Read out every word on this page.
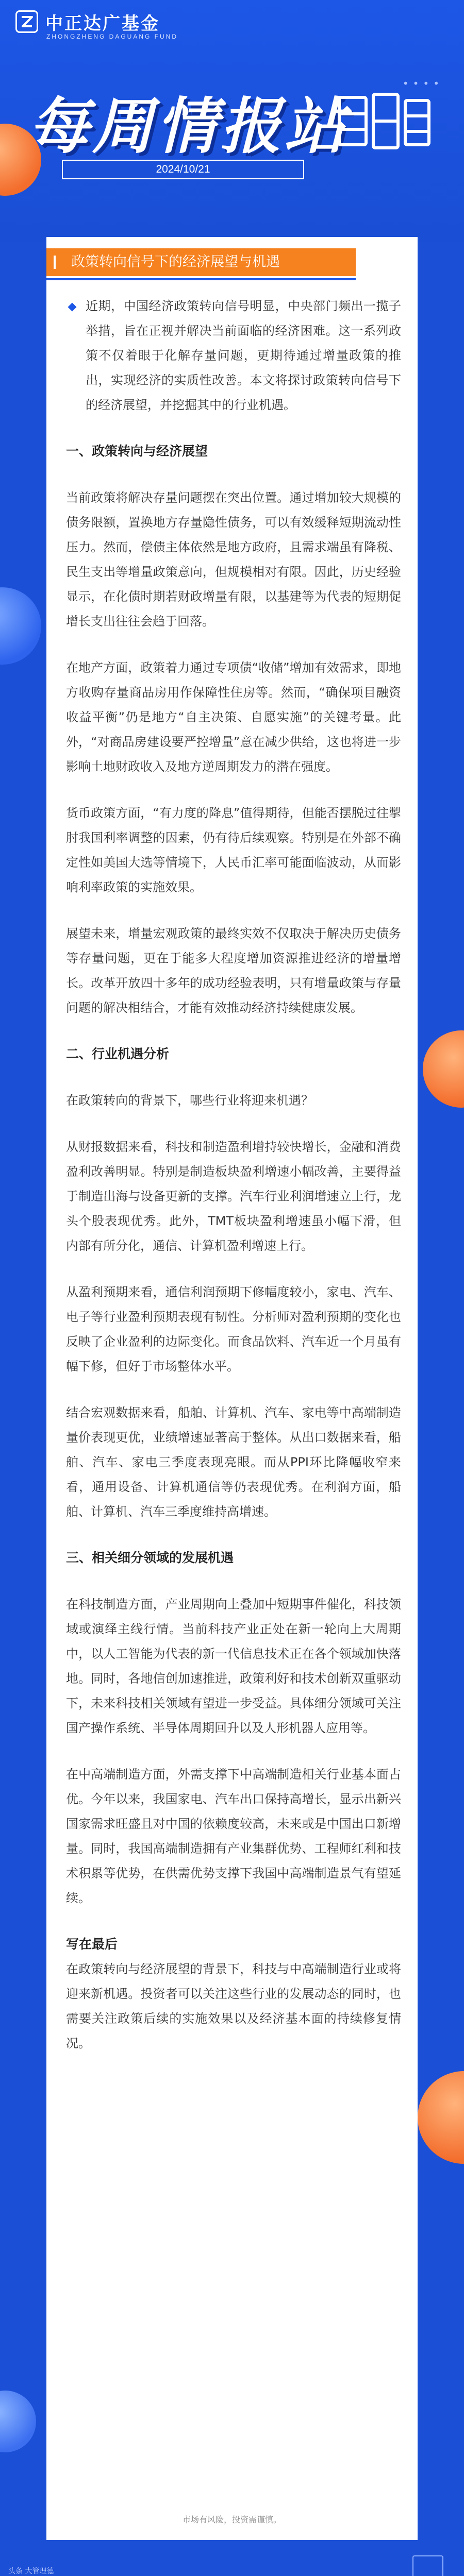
中正达广基金
ZHONGZHENG DAGUANG FUND
••••
每周情报站
2024/10/21
政策转向信号下的经济展望与机遇

近期，中国经济政策转向信号明显，中央部门频出一揽子举措，旨在正视并解决当前面临的经济困难。这一系列政策不仅着眼于化解存量问题，更期待通过增量政策的推出，实现经济的实质性改善。本文将探讨政策转向信号下的经济展望，并挖掘其中的行业机遇。

一、政策转向与经济展望

当前政策将解决存量问题摆在突出位置。通过增加较大规模的债务限额，置换地方存量隐性债务，可以有效缓释短期流动性压力。然而，偿债主体依然是地方政府，且需求端虽有降税、民生支出等增量政策意向，但规模相对有限。因此，历史经验显示，在化债时期若财政增量有限，以基建等为代表的短期促增长支出往往会趋于回落。

在地产方面，政策着力通过专项债“收储”增加有效需求，即地方收购存量商品房用作保障性住房等。然而，“确保项目融资收益平衡”仍是地方“自主决策、自愿实施”的关键考量。此外，“对商品房建设要严控增量”意在减少供给，这也将进一步影响土地财政收入及地方逆周期发力的潜在强度。

货币政策方面，“有力度的降息”值得期待，但能否摆脱过往掣肘我国利率调整的因素，仍有待后续观察。特别是在外部不确定性如美国大选等情境下，人民币汇率可能面临波动，从而影响利率政策的实施效果。

展望未来，增量宏观政策的最终实效不仅取决于解决历史债务等存量问题，更在于能多大程度增加资源推进经济的增量增长。改革开放四十多年的成功经验表明，只有增量政策与存量问题的解决相结合，才能有效推动经济持续健康发展。

二、行业机遇分析

在政策转向的背景下，哪些行业将迎来机遇？

从财报数据来看，科技和制造盈利增持较快增长，金融和消费盈利改善明显。特别是制造板块盈利增速小幅改善，主要得益于制造出海与设备更新的支撑。汽车行业利润增速立上行，龙头个股表现优秀。此外，TMT板块盈利增速虽小幅下滑，但内部有所分化，通信、计算机盈利增速上行。

从盈利预期来看，通信利润预期下修幅度较小，家电、汽车、电子等行业盈利预期表现有韧性。分析师对盈利预期的变化也反映了企业盈利的边际变化。而食品饮料、汽车近一个月虽有幅下修，但好于市场整体水平。

结合宏观数据来看，船舶、计算机、汽车、家电等中高端制造量价表现更优，业绩增速显著高于整体。从出口数据来看，船舶、汽车、家电三季度表现亮眼。而从PPI环比降幅收窄来看，通用设备、计算机通信等仍表现优秀。在利润方面，船舶、计算机、汽车三季度维持高增速。

三、相关细分领域的发展机遇

在科技制造方面，产业周期向上叠加中短期事件催化，科技领域或演绎主线行情。当前科技产业正处在新一轮向上大周期中，以人工智能为代表的新一代信息技术正在各个领域加快落地。同时，各地信创加速推进，政策利好和技术创新双重驱动下，未来科技相关领域有望进一步受益。具体细分领域可关注国产操作系统、半导体周期回升以及人形机器人应用等。

在中高端制造方面，外需支撑下中高端制造相关行业基本面占优。今年以来，我国家电、汽车出口保持高增长，显示出新兴国家需求旺盛且对中国的依赖度较高，未来或是中国出口新增量。同时，我国高端制造拥有产业集群优势、工程师红利和技术积累等优势，在供需优势支撑下我国中高端制造景气有望延续。

写在最后

在政策转向与经济展望的背景下，科技与中高端制造行业或将迎来新机遇。投资者可以关注这些行业的发展动态的同时，也需要关注政策后续的实施效果以及经济基本面的持续修复情况。

市场有风险，投资需谨慎。
头条 大管理德
